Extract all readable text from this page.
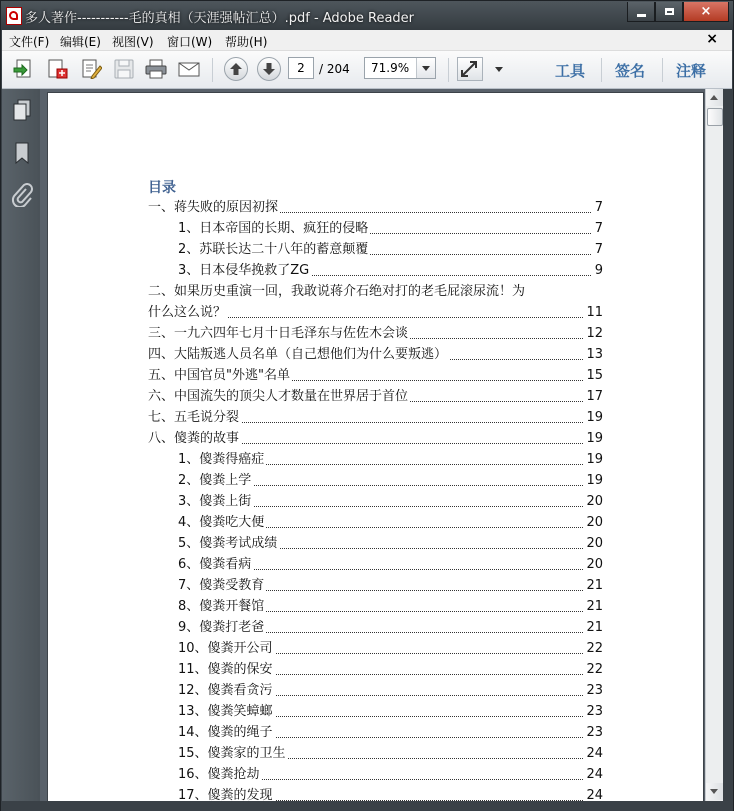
多人著作-----------毛的真相（天涯强帖汇总）.pdf - Adobe Reader	×
文件(F) 编辑(E) 视图(V) 窗口(W) 帮助(H)	×
2	/ 204 71.9%	工具 签名 注释
目录
一、蒋失败的原因初探	7
1、日本帝国的长期、疯狂的侵略	7
2、苏联长达二十八年的蓄意颠覆	7
3、日本侵华挽救了ZG	9
二、如果历史重演一回，我敢说蒋介石绝对打的老毛屁滚尿流！为
什么这么说？	11
三、一九六四年七月十日毛泽东与佐佐木会谈	12
四、大陆叛逃人员名单（自己想他们为什么要叛逃）	13
五、中国官员"外逃"名单	15
六、中国流失的顶尖人才数量在世界居于首位	17
七、五毛说分裂	19
八、傻粪的故事	19
1、傻粪得癌症	19
2、傻粪上学	19
3、傻粪上街	20
4、傻粪吃大便	20
5、傻粪考试成绩	20
6、傻粪看病	20
7、傻粪受教育	21
8、傻粪开餐馆	21
9、傻粪打老爸	21
10、傻粪开公司	22
11、傻粪的保安	22
12、傻粪看贪污	23
13、傻粪笑蟑螂	23
14、傻粪的绳子	23
15、傻粪家的卫生	24
16、傻粪抢劫	24
17、傻粪的发现	24
